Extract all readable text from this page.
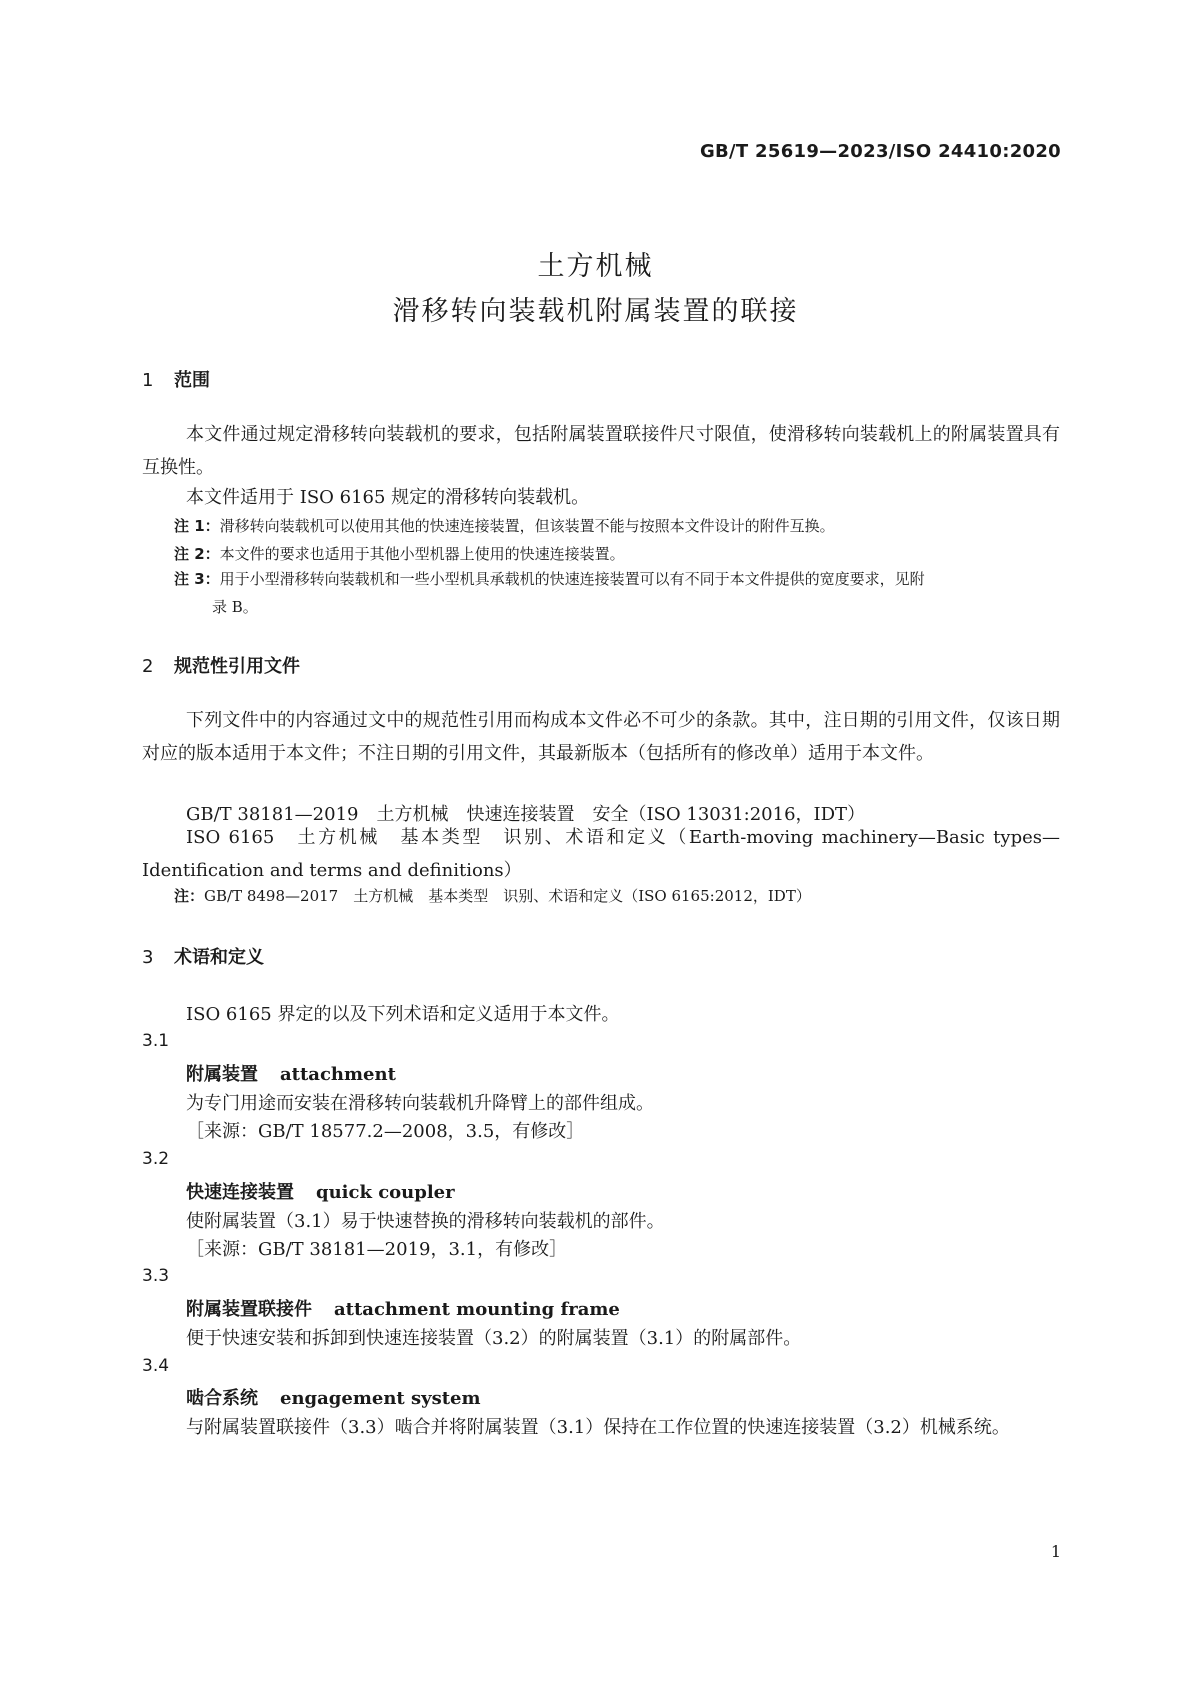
GB/T 25619—2023/ISO 24410:2020
土方机械
滑移转向装载机附属装置的联接
1 范围
本文件通过规定滑移转向装载机的要求，包括附属装置联接件尺寸限值，使滑移转向装载机上的附属装置具有互换性。
本文件适用于 ISO 6165 规定的滑移转向装载机。
注 1：滑移转向装载机可以使用其他的快速连接装置，但该装置不能与按照本文件设计的附件互换。
注 2：本文件的要求也适用于其他小型机器上使用的快速连接装置。
注 3：用于小型滑移转向装载机和一些小型机具承载机的快速连接装置可以有不同于本文件提供的宽度要求，见附
录 B。
2 规范性引用文件
下列文件中的内容通过文中的规范性引用而构成本文件必不可少的条款。其中，注日期的引用文件，仅该日期对应的版本适用于本文件；不注日期的引用文件，其最新版本（包括所有的修改单）适用于本文件。
GB/T 38181—2019　土方机械　快速连接装置　安全（ISO 13031:2016，IDT）
ISO 6165　土方机械　基本类型　识别、术语和定义（Earth-moving machinery—Basic types—Identification and terms and definitions）
注：GB/T 8498—2017　土方机械　基本类型　识别、术语和定义（ISO 6165:2012，IDT）
3 术语和定义
ISO 6165 界定的以及下列术语和定义适用于本文件。
3.1
附属装置 attachment
为专门用途而安装在滑移转向装载机升降臂上的部件组成。
［来源：GB/T 18577.2—2008，3.5，有修改］
3.2
快速连接装置 quick coupler
使附属装置（3.1）易于快速替换的滑移转向装载机的部件。
［来源：GB/T 38181—2019，3.1，有修改］
3.3
附属装置联接件 attachment mounting frame
便于快速安装和拆卸到快速连接装置（3.2）的附属装置（3.1）的附属部件。
3.4
啮合系统 engagement system
与附属装置联接件（3.3）啮合并将附属装置（3.1）保持在工作位置的快速连接装置（3.2）机械系统。
1
